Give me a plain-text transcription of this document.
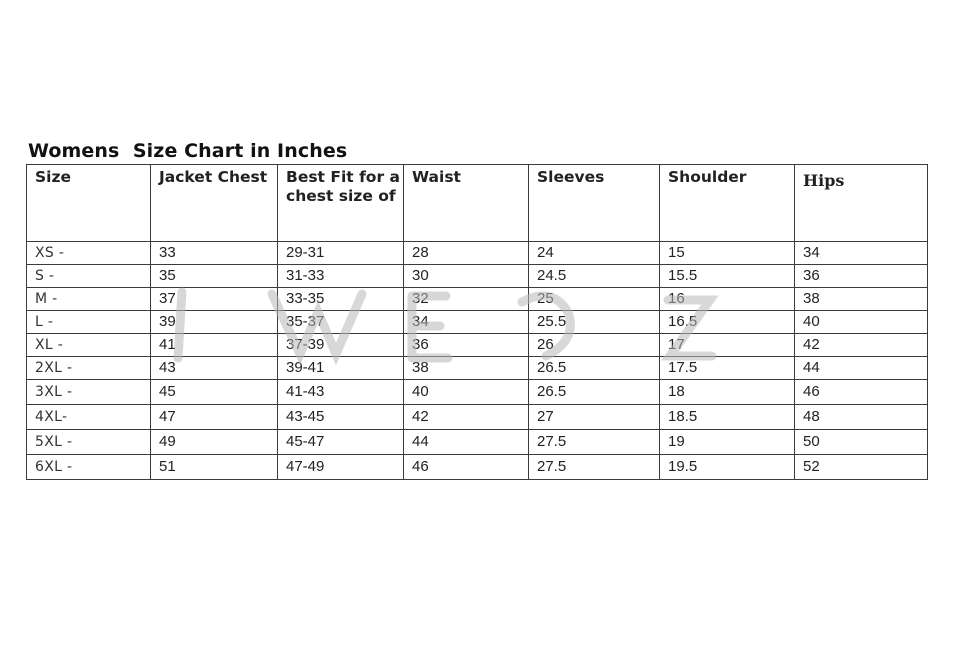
Womens  Size Chart in Inches
Size	Jacket Chest	Best Fit for a chest size of	Waist	Sleeves	Shoulder	Hips
XS -	33	29-31	28	24	15	34
S -	35	31-33	30	24.5	15.5	36
M -	37	33-35	32	25	16	38
L -	39	35-37	34	25.5	16.5	40
XL -	41	37-39	36	26	17	42
2XL -	43	39-41	38	26.5	17.5	44
3XL -	45	41-43	40	26.5	18	46
4XL-	47	43-45	42	27	18.5	48
5XL -	49	45-47	44	27.5	19	50
6XL -	51	47-49	46	27.5	19.5	52
